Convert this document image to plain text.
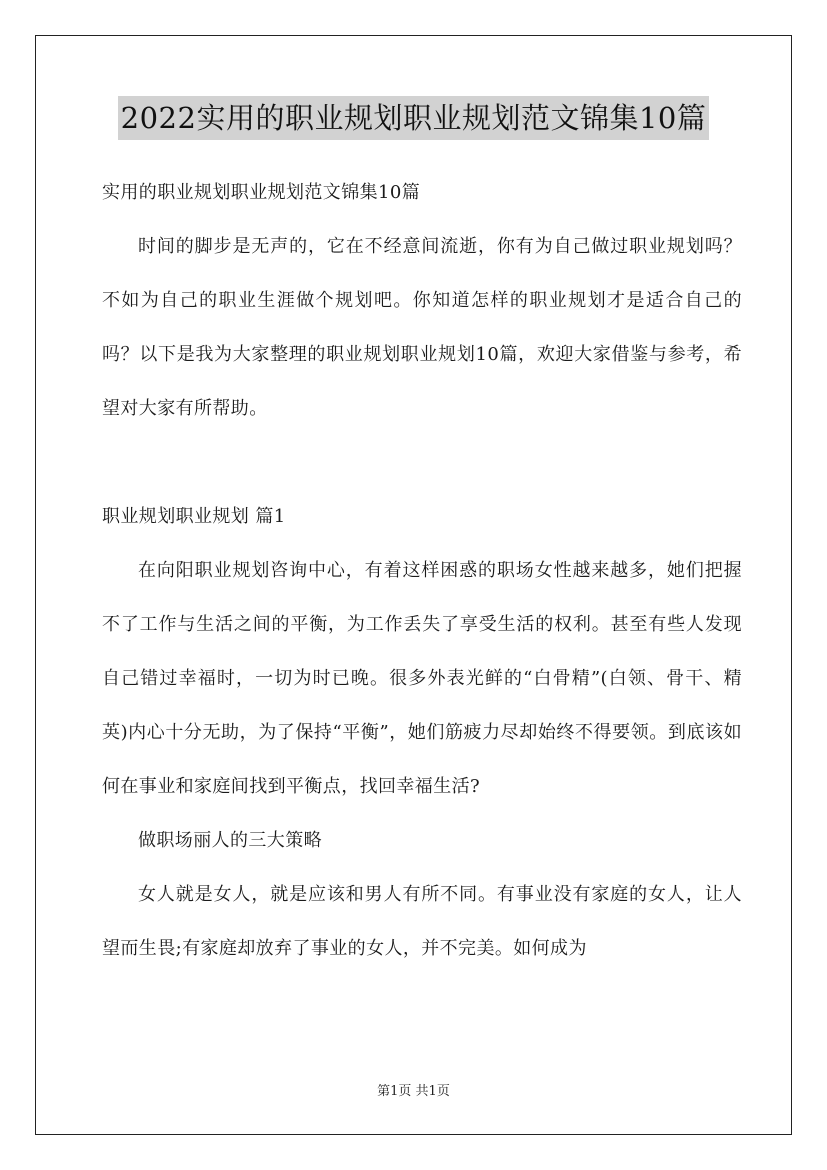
2022实用的职业规划职业规划范文锦集10篇

实用的职业规划职业规划范文锦集10篇

时间的脚步是无声的，它在不经意间流逝，你有为自己做过职业规划吗？不如为自己的职业生涯做个规划吧。你知道怎样的职业规划才是适合自己的吗？以下是我为大家整理的职业规划职业规划10篇，欢迎大家借鉴与参考，希望对大家有所帮助。

职业规划职业规划 篇1

在向阳职业规划咨询中心，有着这样困惑的职场女性越来越多，她们把握不了工作与生活之间的平衡，为工作丢失了享受生活的权利。甚至有些人发现自己错过幸福时，一切为时已晚。很多外表光鲜的“白骨精”(白领、骨干、精英)内心十分无助，为了保持“平衡”，她们筋疲力尽却始终不得要领。到底该如何在事业和家庭间找到平衡点，找回幸福生活?

做职场丽人的三大策略

女人就是女人，就是应该和男人有所不同。有事业没有家庭的女人，让人望而生畏;有家庭却放弃了事业的女人，并不完美。如何成为

第1页 共1页
